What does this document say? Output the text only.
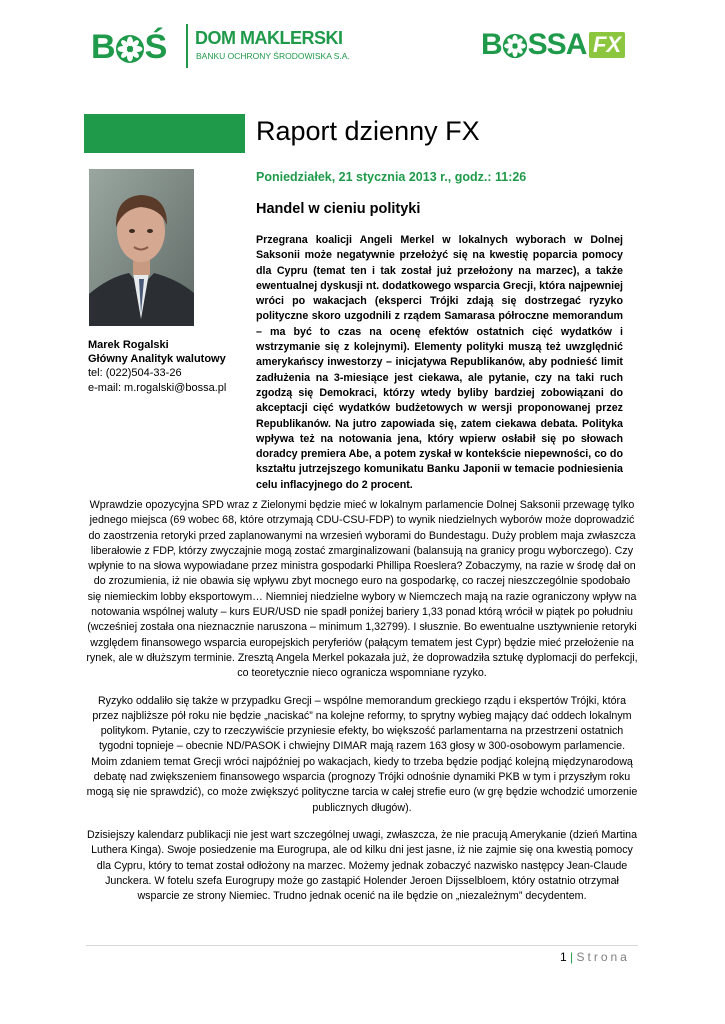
B Ś DOM MAKLERSKI
BANKU OCHRONY ŚRODOWISKA S.A.	B SSA FX
Raport dzienny FX
Poniedziałek, 21 stycznia 2013 r., godz.: 11:26
Handel w cieniu polityki
Marek Rogalski
Główny Analityk walutowy
tel: (022)504-33-26
e-mail: m.rogalski@bossa.pl
Przegrana koalicji Angeli Merkel w lokalnych wyborach w Dolnej Saksonii może negatywnie przełożyć się na kwestię poparcia pomocy dla Cypru (temat ten i tak został już przełożony na marzec), a także ewentualnej dyskusji nt. dodatkowego wsparcia Grecji, która najpewniej wróci po wakacjach (eksperci Trójki zdają się dostrzegać ryzyko polityczne skoro uzgodnili z rządem Samarasa półroczne memorandum – ma być to czas na ocenę efektów ostatnich cięć wydatków i wstrzymanie się z kolejnymi). Elementy polityki muszą też uwzględnić amerykańscy inwestorzy – inicjatywa Republikanów, aby podnieść limit zadłużenia na 3-miesiące jest ciekawa, ale pytanie, czy na taki ruch zgodzą się Demokraci, którzy wtedy byliby bardziej zobowiązani do akceptacji cięć wydatków budżetowych w wersji proponowanej przez Republikanów. Na jutro zapowiada się, zatem ciekawa debata. Polityka wpływa też na notowania jena, który wpierw osłabił się po słowach doradcy premiera Abe, a potem zyskał w kontekście niepewności, co do kształtu jutrzejszego komunikatu Banku Japonii w temacie podniesienia celu inflacyjnego do 2 procent.

Wprawdzie opozycyjna SPD wraz z Zielonymi będzie mieć w lokalnym parlamencie Dolnej Saksonii przewagę tylko jednego miejsca (69 wobec 68, które otrzymają CDU-CSU-FDP) to wynik niedzielnych wyborów może doprowadzić do zaostrzenia retoryki przed zaplanowanymi na wrzesień wyborami do Bundestagu. Duży problem maja zwłaszcza liberałowie z FDP, którzy zwyczajnie mogą zostać zmarginalizowani (balansują na granicy progu wyborczego). Czy wpłynie to na słowa wypowiadane przez ministra gospodarki Phillipa Roeslera? Zobaczymy, na razie w środę dał on do zrozumienia, iż nie obawia się wpływu zbyt mocnego euro na gospodarkę, co raczej nieszczególnie spodobało się niemieckim lobby eksportowym… Niemniej niedzielne wybory w Niemczech mają na razie ograniczony wpływ na notowania wspólnej waluty – kurs EUR/USD nie spadł poniżej bariery 1,33 ponad którą wrócił w piątek po południu (wcześniej została ona nieznacznie naruszona – minimum 1,32799). I słusznie. Bo ewentualne usztywnienie retoryki względem finansowego wsparcia europejskich peryferiów (pałącym tematem jest Cypr) będzie mieć przełożenie na rynek, ale w dłuższym terminie. Zresztą Angela Merkel pokazała już, że doprowadziła sztukę dyplomacji do perfekcji, co teoretycznie nieco ogranicza wspomniane ryzyko.

Ryzyko oddaliło się także w przypadku Grecji – wspólne memorandum greckiego rządu i ekspertów Trójki, która przez najbliższe pół roku nie będzie „naciskać” na kolejne reformy, to sprytny wybieg mający dać oddech lokalnym politykom. Pytanie, czy to rzeczywiście przyniesie efekty, bo większość parlamentarna na przestrzeni ostatnich tygodni topnieje – obecnie ND/PASOK i chwiejny DIMAR mają razem 163 głosy w 300-osobowym parlamencie. Moim zdaniem temat Grecji wróci najpóźniej po wakacjach, kiedy to trzeba będzie podjąć kolejną międzynarodową debatę nad zwiększeniem finansowego wsparcia (prognozy Trójki odnośnie dynamiki PKB w tym i przyszłym roku mogą się nie sprawdzić), co może zwiększyć polityczne tarcia w całej strefie euro (w grę będzie wchodzić umorzenie publicznych długów).

Dzisiejszy kalendarz publikacji nie jest wart szczególnej uwagi, zwłaszcza, że nie pracują Amerykanie (dzień Martina Luthera Kinga). Swoje posiedzenie ma Eurogrupa, ale od kilku dni jest jasne, iż nie zajmie się ona kwestią pomocy dla Cypru, który to temat został odłożony na marzec. Możemy jednak zobaczyć nazwisko następcy Jean-Claude Junckera. W fotelu szefa Eurogrupy może go zastąpić Holender Jeroen Dijsselbloem, który ostatnio otrzymał wsparcie ze strony Niemiec. Trudno jednak ocenić na ile będzie on „niezależnym” decydentem.

1 | Strona
